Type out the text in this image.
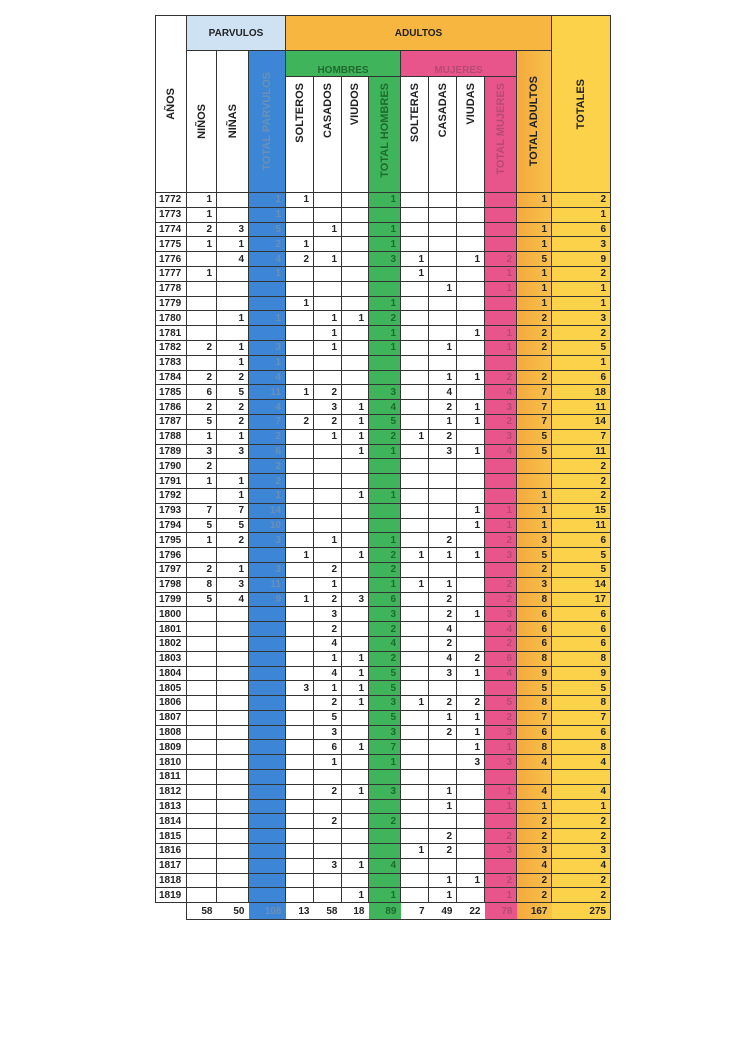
AÑOS	PARVULOS			ADULTOS									TOTALES

	NIÑOS	NIÑAS	TOTAL PARVULOS	HOMBRES				MUJERES				TOTAL ADULTOS	

				SOLTEROS	CASADOS	VIUDOS	TOTAL HOMBRES	SOLTERAS	CASADAS	VIUDAS	TOTAL MUJERES		

1772	1		1	1			1					1	2
1773	1		1										1
1774	2	3	5		1		1					1	6
1775	1	1	2	1			1					1	3
1776		4	4	2	1		3	1		1	2	5	9
1777	1		1					1			1	1	2
1778									1		1	1	1
1779				1			1					1	1
1780		1	1		1	1	2					2	3
1781					1		1			1	1	2	2
1782	2	1	3		1		1		1		1	2	5
1783		1	1										1
1784	2	2	4						1	1	2	2	6
1785	6	5	11	1	2		3		4		4	7	18
1786	2	2	4		3	1	4		2	1	3	7	11
1787	5	2	7	2	2	1	5		1	1	2	7	14
1788	1	1	2		1	1	2	1	2		3	5	7
1789	3	3	6			1	1		3	1	4	5	11
1790	2		2										2
1791	1	1	2										2
1792		1	1			1	1					1	2
1793	7	7	14							1	1	1	15
1794	5	5	10							1	1	1	11
1795	1	2	3		1		1		2		2	3	6
1796				1		1	2	1	1	1	3	5	5
1797	2	1	3		2		2					2	5
1798	8	3	11		1		1	1	1		2	3	14
1799	5	4	9	1	2	3	6		2		2	8	17
1800					3		3		2	1	3	6	6
1801					2		2		4		4	6	6
1802					4		4		2		2	6	6
1803					1	1	2		4	2	6	8	8
1804					4	1	5		3	1	4	9	9
1805				3	1	1	5					5	5
1806					2	1	3	1	2	2	5	8	8
1807					5		5		1	1	2	7	7
1808					3		3		2	1	3	6	6
1809					6	1	7			1	1	8	8
1810					1		1			3	3	4	4
1811													
1812					2	1	3		1		1	4	4
1813									1		1	1	1
1814					2		2					2	2
1815									2		2	2	2
1816								1	2		3	3	3
1817					3	1	4					4	4
1818									1	1	2	2	2
1819						1	1		1		1	2	2
	58	50	108	13	58	18	89	7	49	22	78	167	275
